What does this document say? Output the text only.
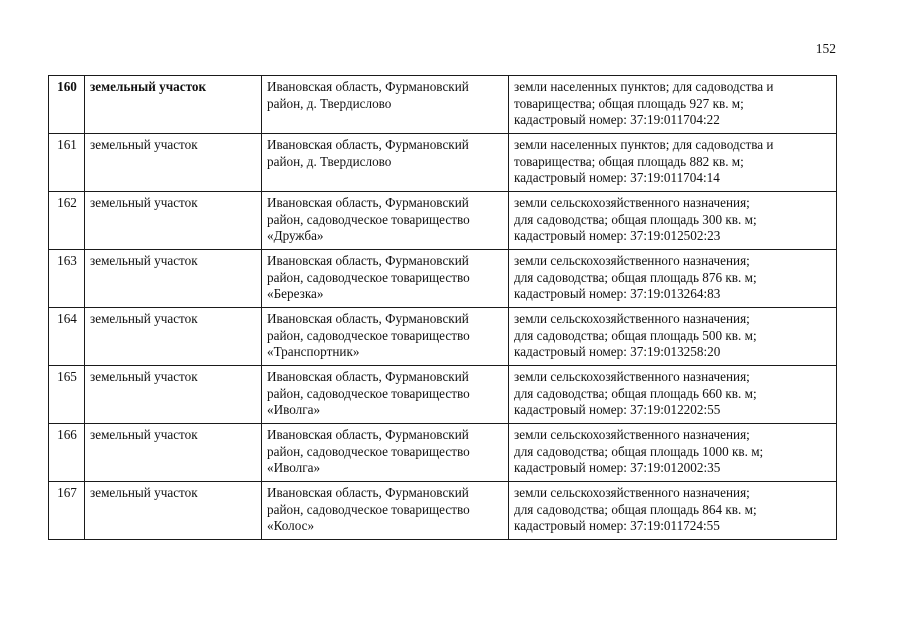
152
160	земельный участок	Ивановская область, Фурмановский
район, д. Твердислово	земли населенных пунктов; для садоводства и
товарищества; общая площадь 927 кв. м;
кадастровый номер: 37:19:011704:22

161	земельный участок	Ивановская область, Фурмановский
район, д. Твердислово	земли населенных пунктов; для садоводства и
товарищества; общая площадь 882 кв. м;
кадастровый номер: 37:19:011704:14

162	земельный участок	Ивановская область, Фурмановский
район, садоводческое товарищество
«Дружба»	земли сельскохозяйственного назначения;
для садоводства; общая площадь 300 кв. м;
кадастровый номер: 37:19:012502:23

163	земельный участок	Ивановская область, Фурмановский
район, садоводческое товарищество
«Березка»	земли сельскохозяйственного назначения;
для садоводства; общая площадь 876 кв. м;
кадастровый номер: 37:19:013264:83

164	земельный участок	Ивановская область, Фурмановский
район, садоводческое товарищество
«Транспортник»	земли сельскохозяйственного назначения;
для садоводства; общая площадь 500 кв. м;
кадастровый номер: 37:19:013258:20

165	земельный участок	Ивановская область, Фурмановский
район, садоводческое товарищество
«Иволга»	земли сельскохозяйственного назначения;
для садоводства; общая площадь 660 кв. м;
кадастровый номер: 37:19:012202:55

166	земельный участок	Ивановская область, Фурмановский
район, садоводческое товарищество
«Иволга»	земли сельскохозяйственного назначения;
для садоводства; общая площадь 1000 кв. м;
кадастровый номер: 37:19:012002:35

167	земельный участок	Ивановская область, Фурмановский
район, садоводческое товарищество
«Колос»	земли сельскохозяйственного назначения;
для садоводства; общая площадь 864 кв. м;
кадастровый номер: 37:19:011724:55
